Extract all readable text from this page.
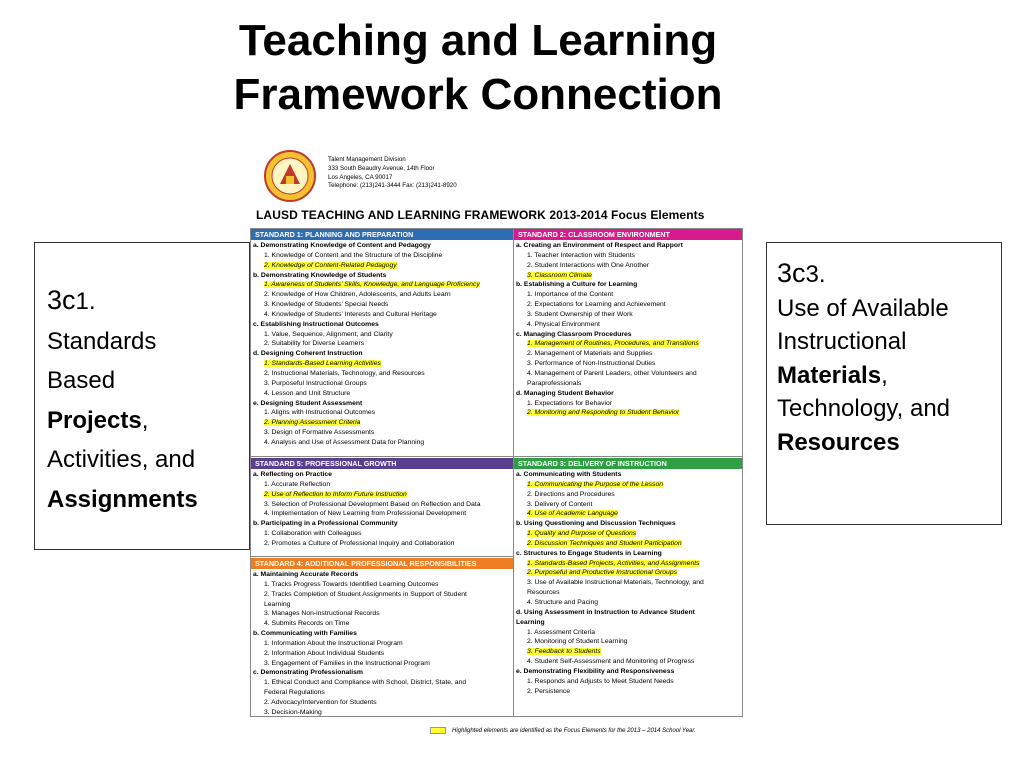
Teaching and Learning
Framework Connection
3c1.
Standards
Based
Projects,
Activities, and
Assignments
3c3.
Use of Available
Instructional
Materials,
Technology, and
Resources
Talent Management Division
333 South Beaudry Avenue, 14th Floor
Los Angeles, CA 90017
Telephone: (213)241-3444 Fax: (213)241-8920
LAUSD TEACHING AND LEARNING FRAMEWORK 2013-2014 Focus Elements
STANDARD 1: PLANNING AND PREPARATION
a. Demonstrating Knowledge of Content and Pedagogy
1. Knowledge of Content and the Structure of the Discipline
2. Knowledge of Content-Related Pedagogy
b. Demonstrating Knowledge of Students
1. Awareness of Students’ Skills, Knowledge, and Language Proficiency
2. Knowledge of How Children, Adolescents, and Adults Learn
3. Knowledge of Students’ Special Needs
4. Knowledge of Students’ Interests and Cultural Heritage
c. Establishing Instructional Outcomes
1. Value, Sequence, Alignment, and Clarity
2. Suitability for Diverse Learners
d. Designing Coherent Instruction
1. Standards-Based Learning Activities
2. Instructional Materials, Technology, and Resources
3. Purposeful Instructional Groups
4. Lesson and Unit Structure
e. Designing Student Assessment
1. Aligns with Instructional Outcomes
2. Planning Assessment Criteria
3. Design of Formative Assessments
4. Analysis and Use of Assessment Data for Planning
STANDARD 2: CLASSROOM ENVIRONMENT
a. Creating an Environment of Respect and Rapport
1. Teacher Interaction with Students
2. Student Interactions with One Another
3. Classroom Climate
b. Establishing a Culture for Learning
1. Importance of the Content
2. Expectations for Learning and Achievement
3. Student Ownership of their Work
4. Physical Environment
c. Managing Classroom Procedures
1. Management of Routines, Procedures, and Transitions
2. Management of Materials and Supplies
3. Performance of Non-Instructional Duties
4. Management of Parent Leaders, other Volunteers and
Paraprofessionals
d. Managing Student Behavior
1. Expectations for Behavior
2. Monitoring and Responding to Student Behavior
STANDARD 5: PROFESSIONAL GROWTH
a. Reflecting on Practice
1. Accurate Reflection
2. Use of Reflection to Inform Future Instruction
3. Selection of Professional Development Based on Reflection and Data
4. Implementation of New Learning from Professional Development
b. Participating in a Professional Community
1. Collaboration with Colleagues
2. Promotes a Culture of Professional Inquiry and Collaboration
STANDARD 4: ADDITIONAL PROFESSIONAL RESPONSIBILITIES
a. Maintaining Accurate Records
1. Tracks Progress Towards Identified Learning Outcomes
2. Tracks Completion of Student Assignments in Support of Student
Learning
3. Manages Non-instructional Records
4. Submits Records on Time
b. Communicating with Families
1. Information About the Instructional Program
2. Information About Individual Students
3. Engagement of Families in the Instructional Program
c. Demonstrating Professionalism
1. Ethical Conduct and Compliance with School, District, State, and
Federal Regulations
2. Advocacy/Intervention for Students
3. Decision-Making
STANDARD 3: DELIVERY OF INSTRUCTION
a. Communicating with Students
1. Communicating the Purpose of the Lesson
2. Directions and Procedures
3. Delivery of Content
4. Use of Academic Language
b. Using Questioning and Discussion Techniques
1. Quality and Purpose of Questions
2. Discussion Techniques and Student Participation
c. Structures to Engage Students in Learning
1. Standards-Based Projects, Activities, and Assignments
2. Purposeful and Productive Instructional Groups
3. Use of Available Instructional Materials, Technology, and
Resources
4. Structure and Pacing
d. Using Assessment in Instruction to Advance Student
Learning
1. Assessment Criteria
2. Monitoring of Student Learning
3. Feedback to Students
4. Student Self-Assessment and Monitoring of Progress
e. Demonstrating Flexibility and Responsiveness
1. Responds and Adjusts to Meet Student Needs
2. Persistence
Highlighted elements are identified as the Focus Elements for the 2013 – 2014 School Year.
